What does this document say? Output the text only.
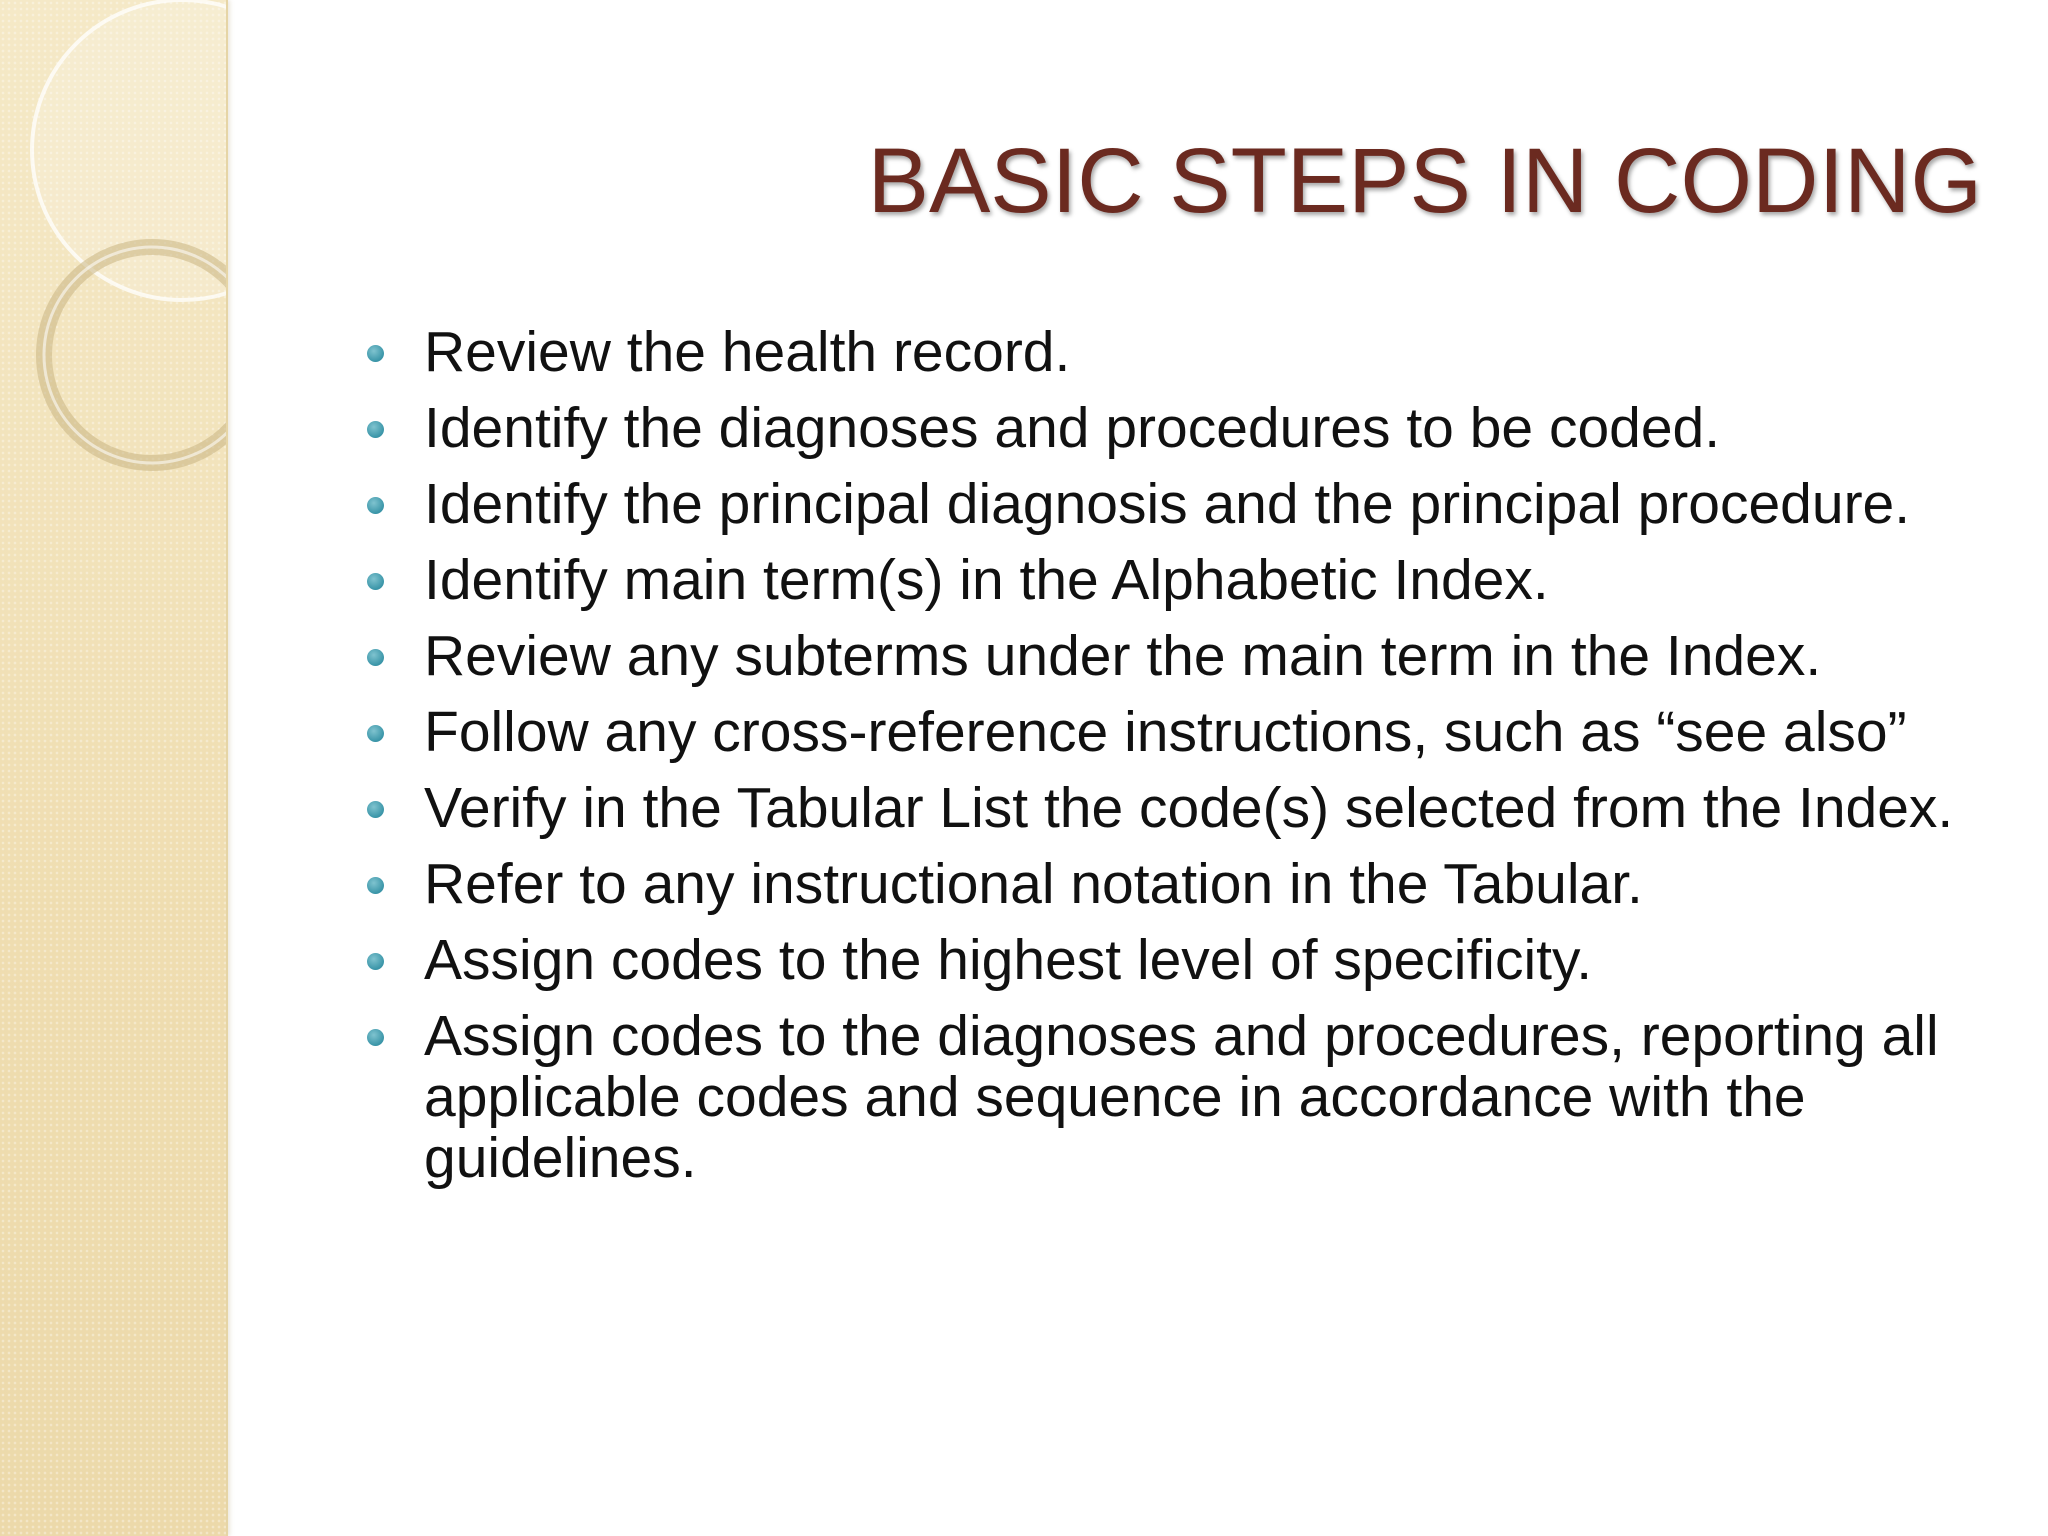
BASIC STEPS IN CODING
Review the health record.
Identify the diagnoses and procedures to be coded.
Identify the principal diagnosis and the principal procedure.
Identify main term(s) in the Alphabetic Index.
Review any subterms under the main term in the Index.
Follow any cross-reference instructions, such as “see also”
Verify in the Tabular List the code(s) selected from the Index.
Refer to any instructional notation in the Tabular.
Assign codes to the highest level of specificity.
Assign codes to the diagnoses and procedures, reporting all applicable codes and sequence in accordance with the guidelines.
